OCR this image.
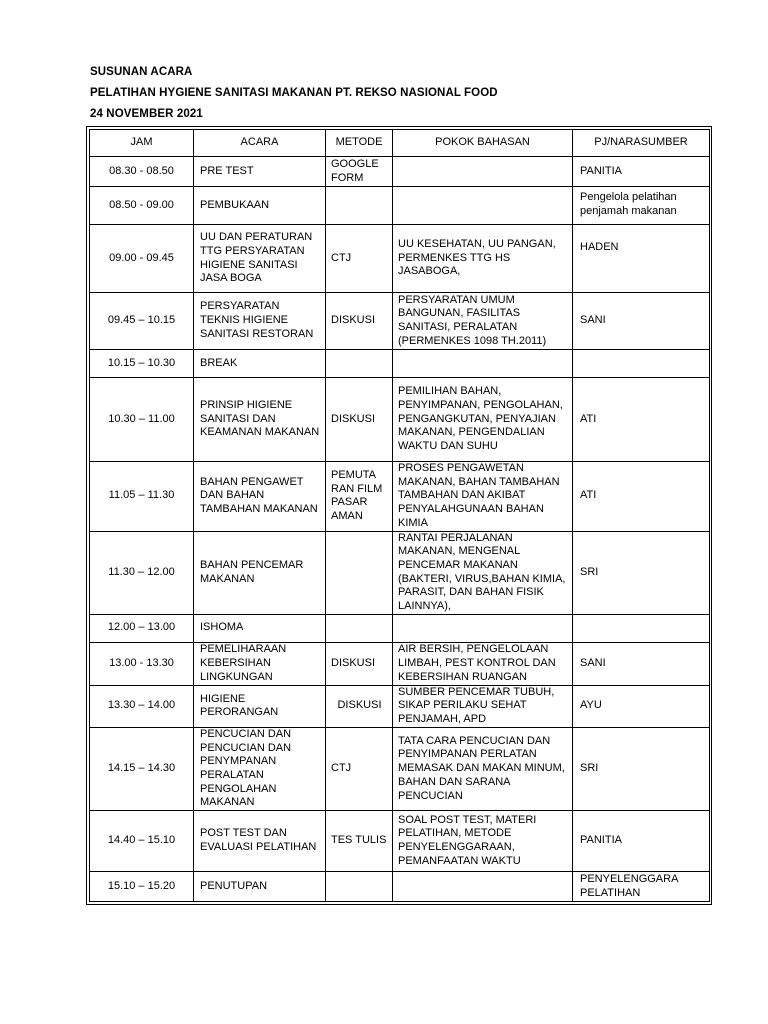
SUSUNAN ACARA
PELATIHAN HYGIENE SANITASI MAKANAN PT. REKSO NASIONAL FOOD
24 NOVEMBER 2021
JAM	ACARA	METODE	POKOK BAHASAN	PJ/NARASUMBER
08.30 - 08.50	PRE TEST	GOOGLE FORM		PANITIA
08.50 - 09.00	PEMBUKAAN			Pengelola pelatihan penjamah makanan
09.00 - 09.45	UU DAN PERATURAN TTG PERSYARATAN HIGIENE SANITASI JASA BOGA	CTJ	UU KESEHATAN, UU PANGAN, PERMENKES TTG HS JASABOGA,	HADEN
09.45 – 10.15	PERSYARATAN TEKNIS HIGIENE SANITASI RESTORAN	DISKUSI	PERSYARATAN UMUM BANGUNAN, FASILITAS SANITASI, PERALATAN (PERMENKES 1098 TH.2011)	SANI
10.15 – 10.30	BREAK			
10.30 – 11.00	PRINSIP HIGIENE SANITASI DAN KEAMANAN MAKANAN	DISKUSI	PEMILIHAN BAHAN, PENYIMPANAN, PENGOLAHAN, PENGANGKUTAN, PENYAJIAN MAKANAN, PENGENDALIAN WAKTU DAN SUHU	ATI
11.05 – 11.30	BAHAN PENGAWET DAN BAHAN TAMBAHAN MAKANAN	PEMUTA RAN FILM PASAR AMAN	PROSES PENGAWETAN MAKANAN, BAHAN TAMBAHAN TAMBAHAN DAN AKIBAT PENYALAHGUNAAN BAHAN KIMIA	ATI
11.30 – 12.00	BAHAN PENCEMAR MAKANAN		RANTAI PERJALANAN MAKANAN, MENGENAL PENCEMAR MAKANAN (BAKTERI, VIRUS,BAHAN KIMIA, PARASIT, DAN BAHAN FISIK LAINNYA),	SRI
12.00 – 13.00	ISHOMA			
13.00 - 13.30	PEMELIHARAAN KEBERSIHAN LINGKUNGAN	DISKUSI	AIR BERSIH, PENGELOLAAN LIMBAH, PEST KONTROL DAN KEBERSIHAN RUANGAN	SANI
13.30 – 14.00	HIGIENE PERORANGAN	DISKUSI	SUMBER PENCEMAR TUBUH, SIKAP PERILAKU SEHAT PENJAMAH, APD	AYU
14.15 – 14.30	PENCUCIAN DAN PENCUCIAN DAN PENYMPANAN PERALATAN PENGOLAHAN MAKANAN	CTJ	TATA CARA PENCUCIAN DAN PENYIMPANAN PERLATAN MEMASAK DAN MAKAN MINUM, BAHAN DAN SARANA PENCUCIAN	SRI
14.40 – 15.10	POST TEST DAN EVALUASI PELATIHAN	TES TULIS	SOAL POST TEST, MATERI PELATIHAN, METODE PENYELENGGARAAN, PEMANFAATAN WAKTU	PANITIA
15.10 – 15.20	PENUTUPAN			PENYELENGGARA PELATIHAN
